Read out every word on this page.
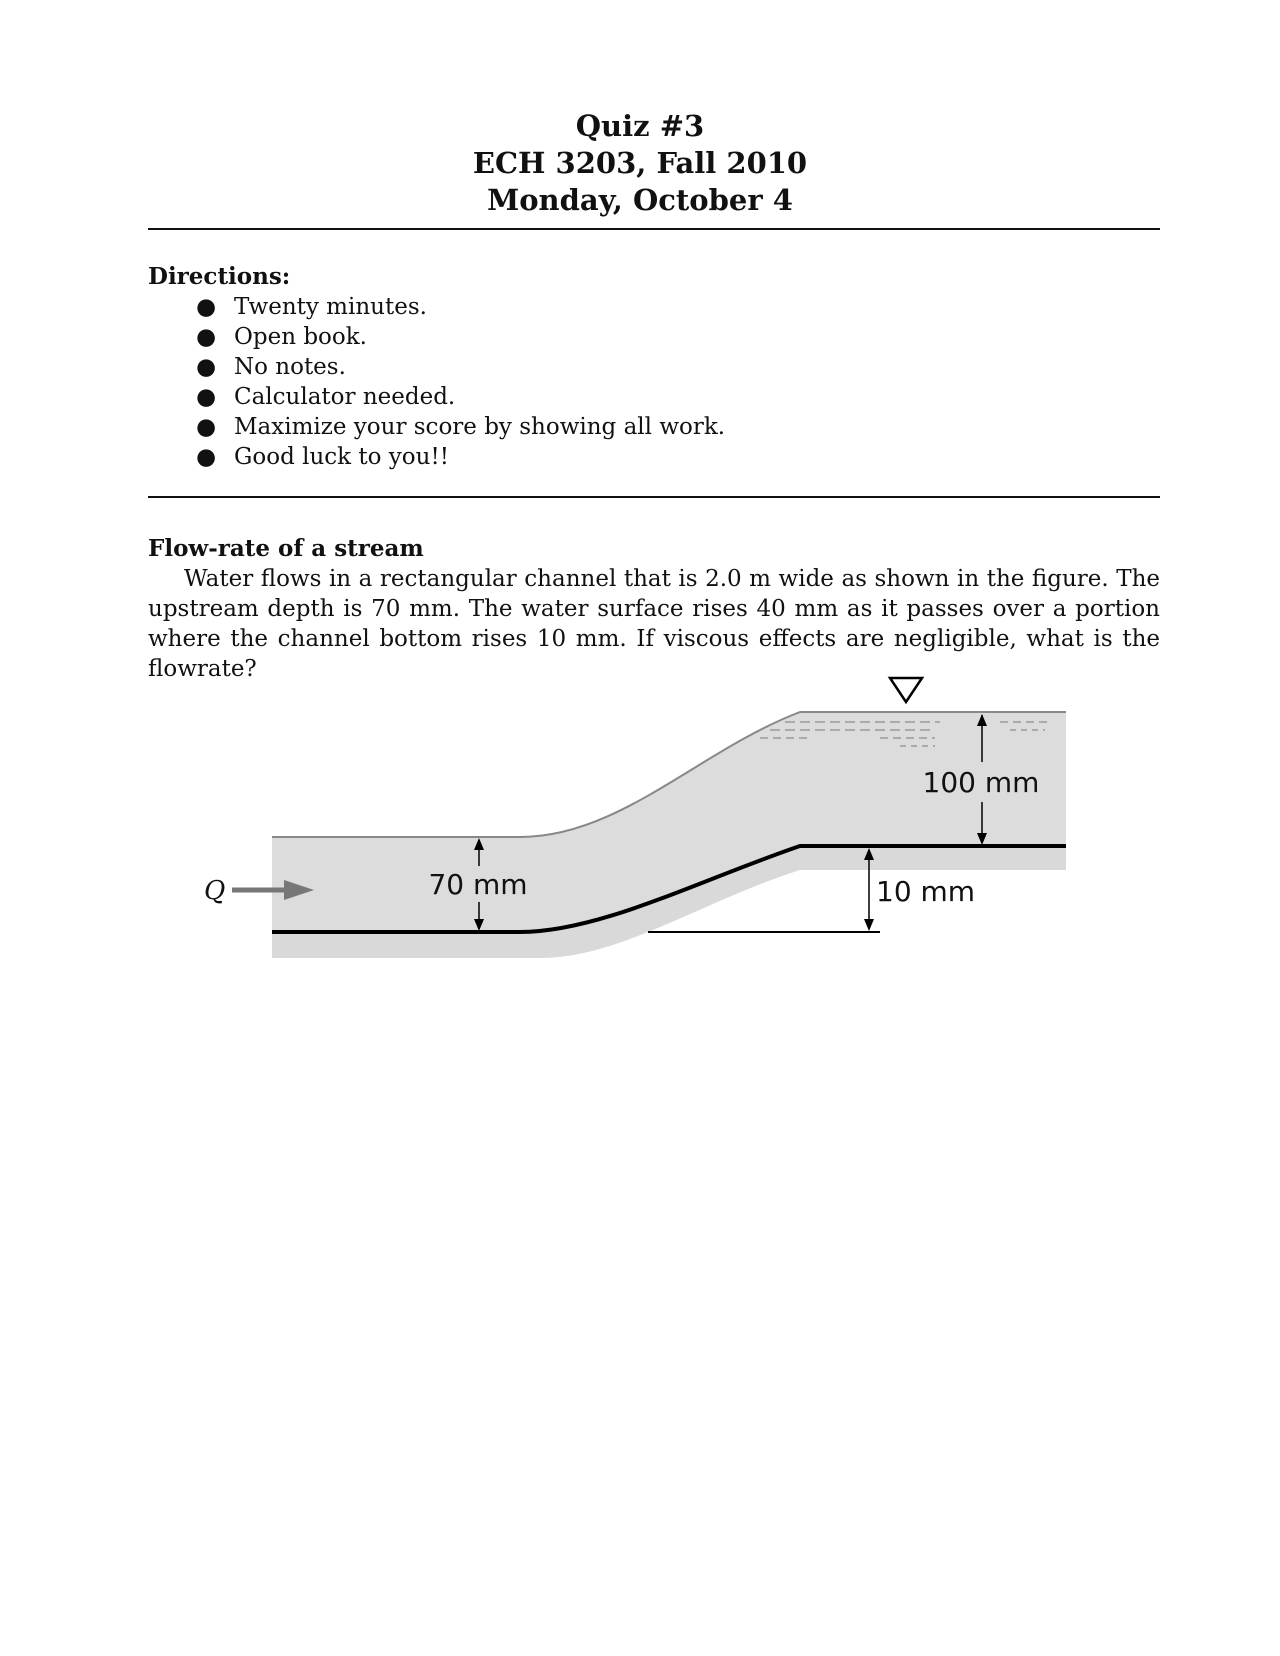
Quiz #3
ECH 3203, Fall 2010
Monday, October 4
Directions:
● Twenty minutes.
● Open book.
● No notes.
● Calculator needed.
● Maximize your score by showing all work.
● Good luck to you!!
Flow-rate of a stream
Water flows in a rectangular channel that is 2.0 m wide as shown in the figure. The upstream depth is 70 mm. The water surface rises 40 mm as it passes over a portion where the channel bottom rises 10 mm. If viscous effects are negligible, what is the flowrate?
Q	70 mm
100 mm
10 mm
